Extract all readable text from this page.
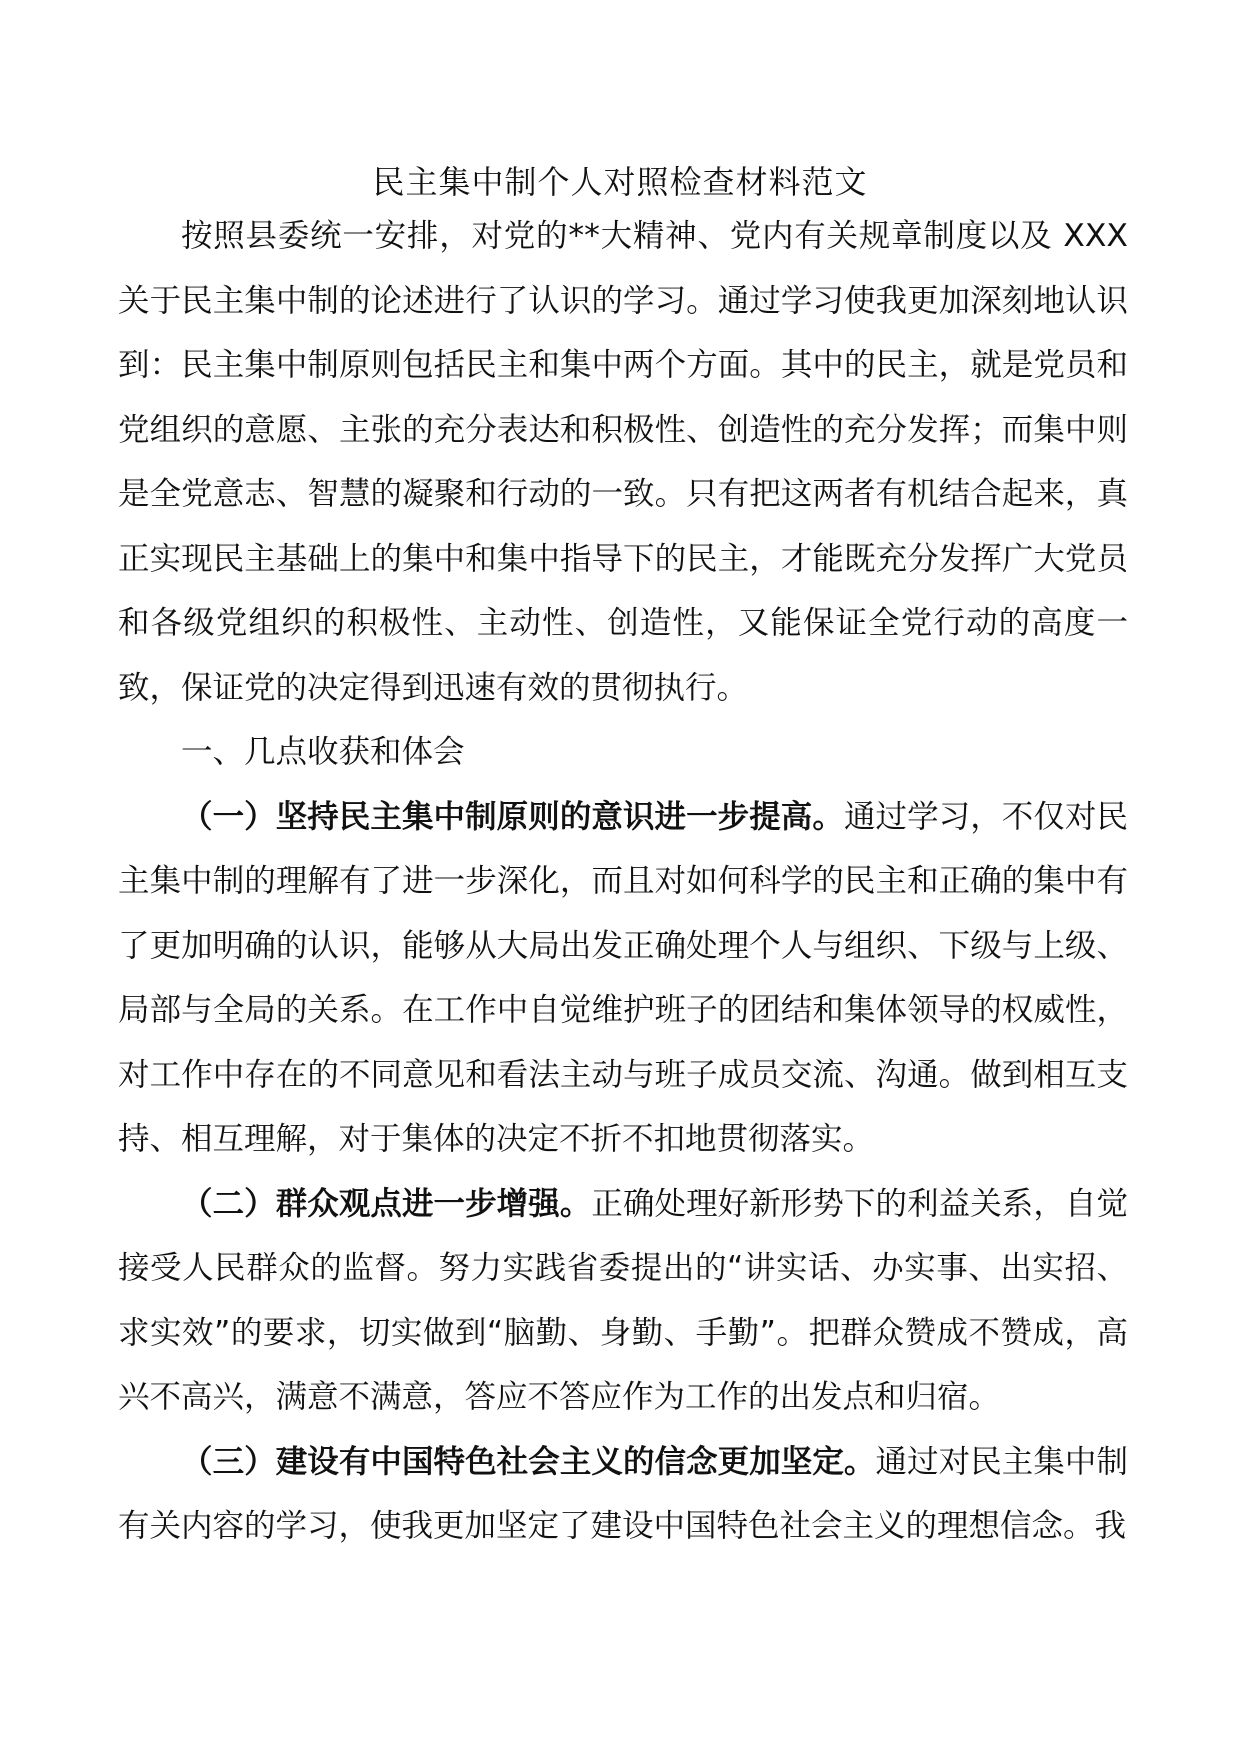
民主集中制个人对照检查材料范文

按照县委统一安排，对党的**大精神、党内有关规章制度以及 XXX 关于民主集中制的论述进行了认识的学习。通过学习使我更加深刻地认识到：民主集中制原则包括民主和集中两个方面。其中的民主，就是党员和党组织的意愿、主张的充分表达和积极性、创造性的充分发挥；而集中则是全党意志、智慧的凝聚和行动的一致。只有把这两者有机结合起来，真正实现民主基础上的集中和集中指导下的民主，才能既充分发挥广大党员和各级党组织的积极性、主动性、创造性，又能保证全党行动的高度一致，保证党的决定得到迅速有效的贯彻执行。

一、几点收获和体会

（一）坚持民主集中制原则的意识进一步提高。通过学习，不仅对民主集中制的理解有了进一步深化，而且对如何科学的民主和正确的集中有了更加明确的认识，能够从大局出发正确处理个人与组织、下级与上级、局部与全局的关系。在工作中自觉维护班子的团结和集体领导的权威性，对工作中存在的不同意见和看法主动与班子成员交流、沟通。做到相互支持、相互理解，对于集体的决定不折不扣地贯彻落实。

（二）群众观点进一步增强。正确处理好新形势下的利益关系，自觉接受人民群众的监督。努力实践省委提出的“讲实话、办实事、出实招、求实效”的要求，切实做到“脑勤、身勤、手勤”。把群众赞成不赞成，高兴不高兴，满意不满意，答应不答应作为工作的出发点和归宿。

（三）建设有中国特色社会主义的信念更加坚定。通过对民主集中制有关内容的学习，使我更加坚定了建设中国特色社会主义的理想信念。我
